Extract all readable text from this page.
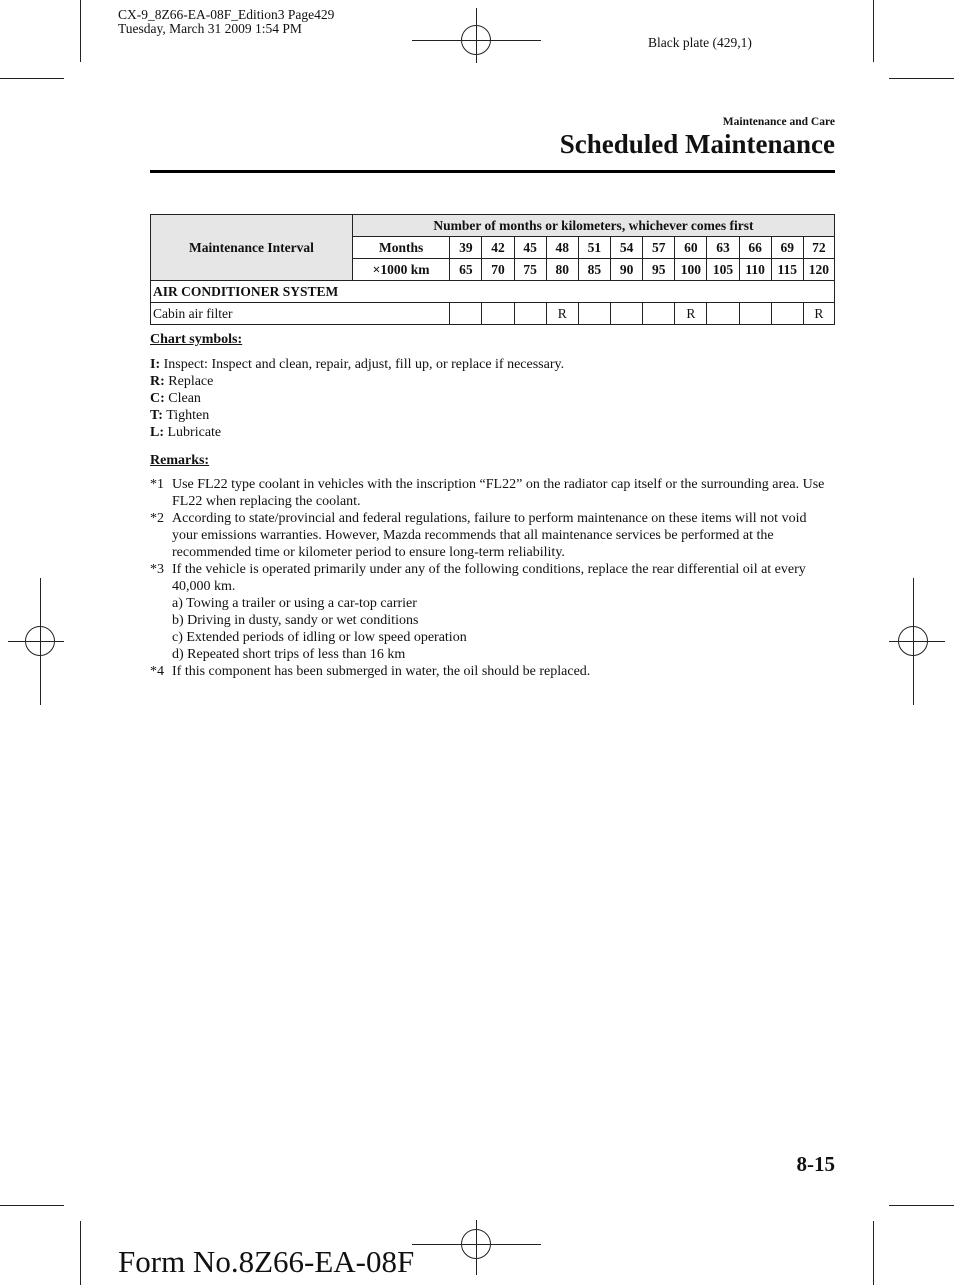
CX-9_8Z66-EA-08F_Edition3 Page429
Tuesday, March 31 2009 1:54 PM
Black plate (429,1)
Maintenance and Care
Scheduled Maintenance
Maintenance Interval	Number of months or kilometers, whichever comes first												
	Months	39	42	45	48	51	54	57	60	63	66	69	72
	×1000 km	65	70	75	80	85	90	95	100	105	110	115	120
AIR CONDITIONER SYSTEM													
Cabin air filter					R				R				R
Chart symbols:
I: Inspect: Inspect and clean, repair, adjust, fill up, or replace if necessary.
R: Replace
C: Clean
T: Tighten
L: Lubricate
Remarks:
*1 Use FL22 type coolant in vehicles with the inscription “FL22” on the radiator cap itself or the surrounding area. Use FL22 when replacing the coolant.
*2 According to state/provincial and federal regulations, failure to perform maintenance on these items will not void your emissions warranties. However, Mazda recommends that all maintenance services be performed at the recommended time or kilometer period to ensure long-term reliability.
*3 If the vehicle is operated primarily under any of the following conditions, replace the rear differential oil at every 40,000 km.
a) Towing a trailer or using a car-top carrier
b) Driving in dusty, sandy or wet conditions
c) Extended periods of idling or low speed operation
d) Repeated short trips of less than 16 km
*4 If this component has been submerged in water, the oil should be replaced.
8-15
Form No.8Z66-EA-08F
